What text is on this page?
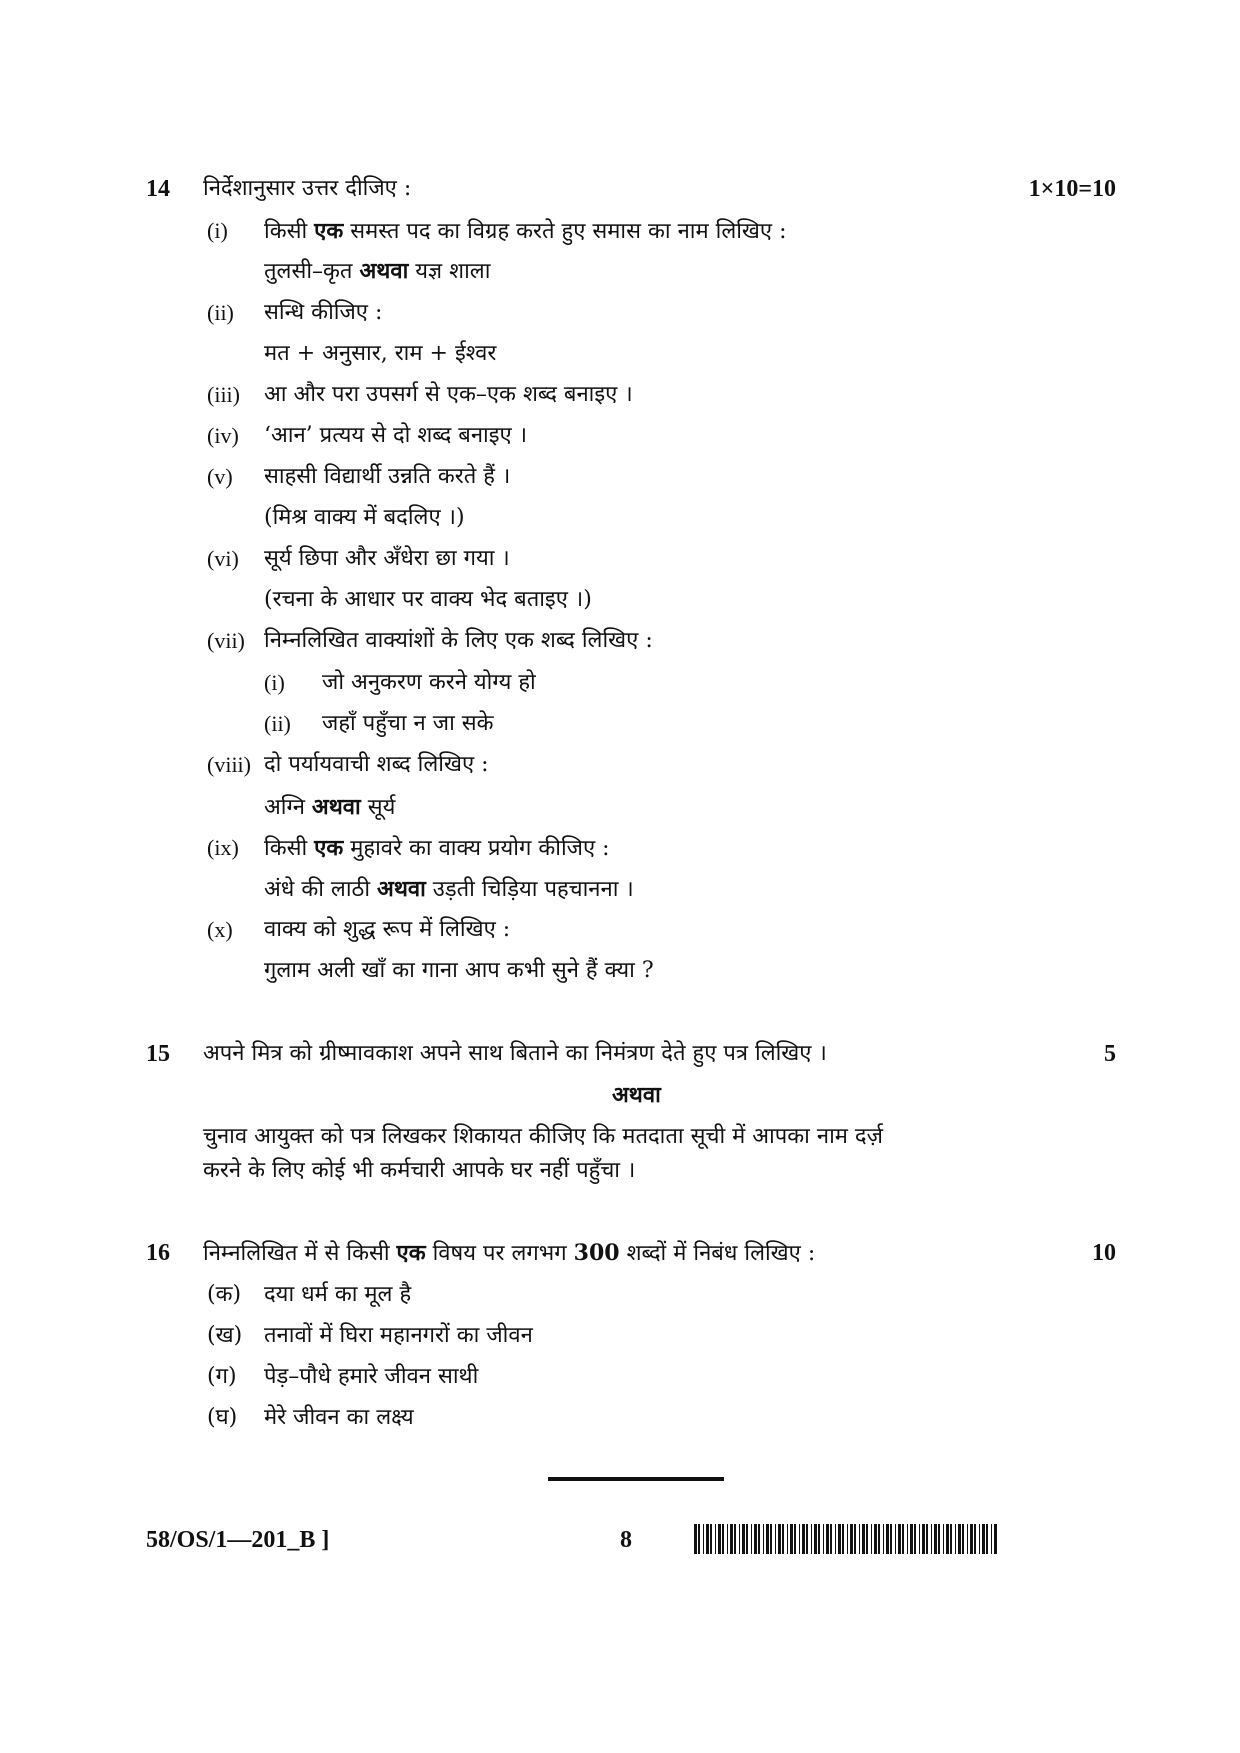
14 निर्देशानुसार उत्तर दीजिए :	1×10=10
(i) किसी एक समस्त पद का विग्रह करते हुए समास का नाम लिखिए :
तुलसी–कृत अथवा यज्ञ शाला
(ii) सन्धि कीजिए :
मत + अनुसार, राम + ईश्वर
(iii) आ और परा उपसर्ग से एक–एक शब्द बनाइए ।
(iv) ‘आन’ प्रत्यय से दो शब्द बनाइए ।
(v) साहसी विद्यार्थी उन्नति करते हैं ।
(मिश्र वाक्य में बदलिए ।)
(vi) सूर्य छिपा और अँधेरा छा गया ।
(रचना के आधार पर वाक्य भेद बताइए ।)
(vii) निम्नलिखित वाक्यांशों के लिए एक शब्द लिखिए :
(i) जो अनुकरण करने योग्य हो
(ii) जहाँ पहुँचा न जा सके
(viii) दो पर्यायवाची शब्द लिखिए :
अग्नि अथवा सूर्य
(ix) किसी एक मुहावरे का वाक्य प्रयोग कीजिए :
अंधे की लाठी अथवा उड़ती चिड़िया पहचानना ।
(x) वाक्य को शुद्ध रूप में लिखिए :
गुलाम अली खाँ का गाना आप कभी सुने हैं क्या ?
15 अपने मित्र को ग्रीष्मावकाश अपने साथ बिताने का निमंत्रण देते हुए पत्र लिखिए ।	5
अथवा
चुनाव आयुक्त को पत्र लिखकर शिकायत कीजिए कि मतदाता सूची में आपका नाम दर्ज़
करने के लिए कोई भी कर्मचारी आपके घर नहीं पहुँचा ।
16 निम्नलिखित में से किसी एक विषय पर लगभग 300 शब्दों में निबंध लिखिए :	10
(क) दया धर्म का मूल है
(ख) तनावों में घिरा महानगरों का जीवन
(ग) पेड़–पौधे हमारे जीवन साथी
(घ) मेरे जीवन का लक्ष्य
58/OS/1—201_B ]	8
